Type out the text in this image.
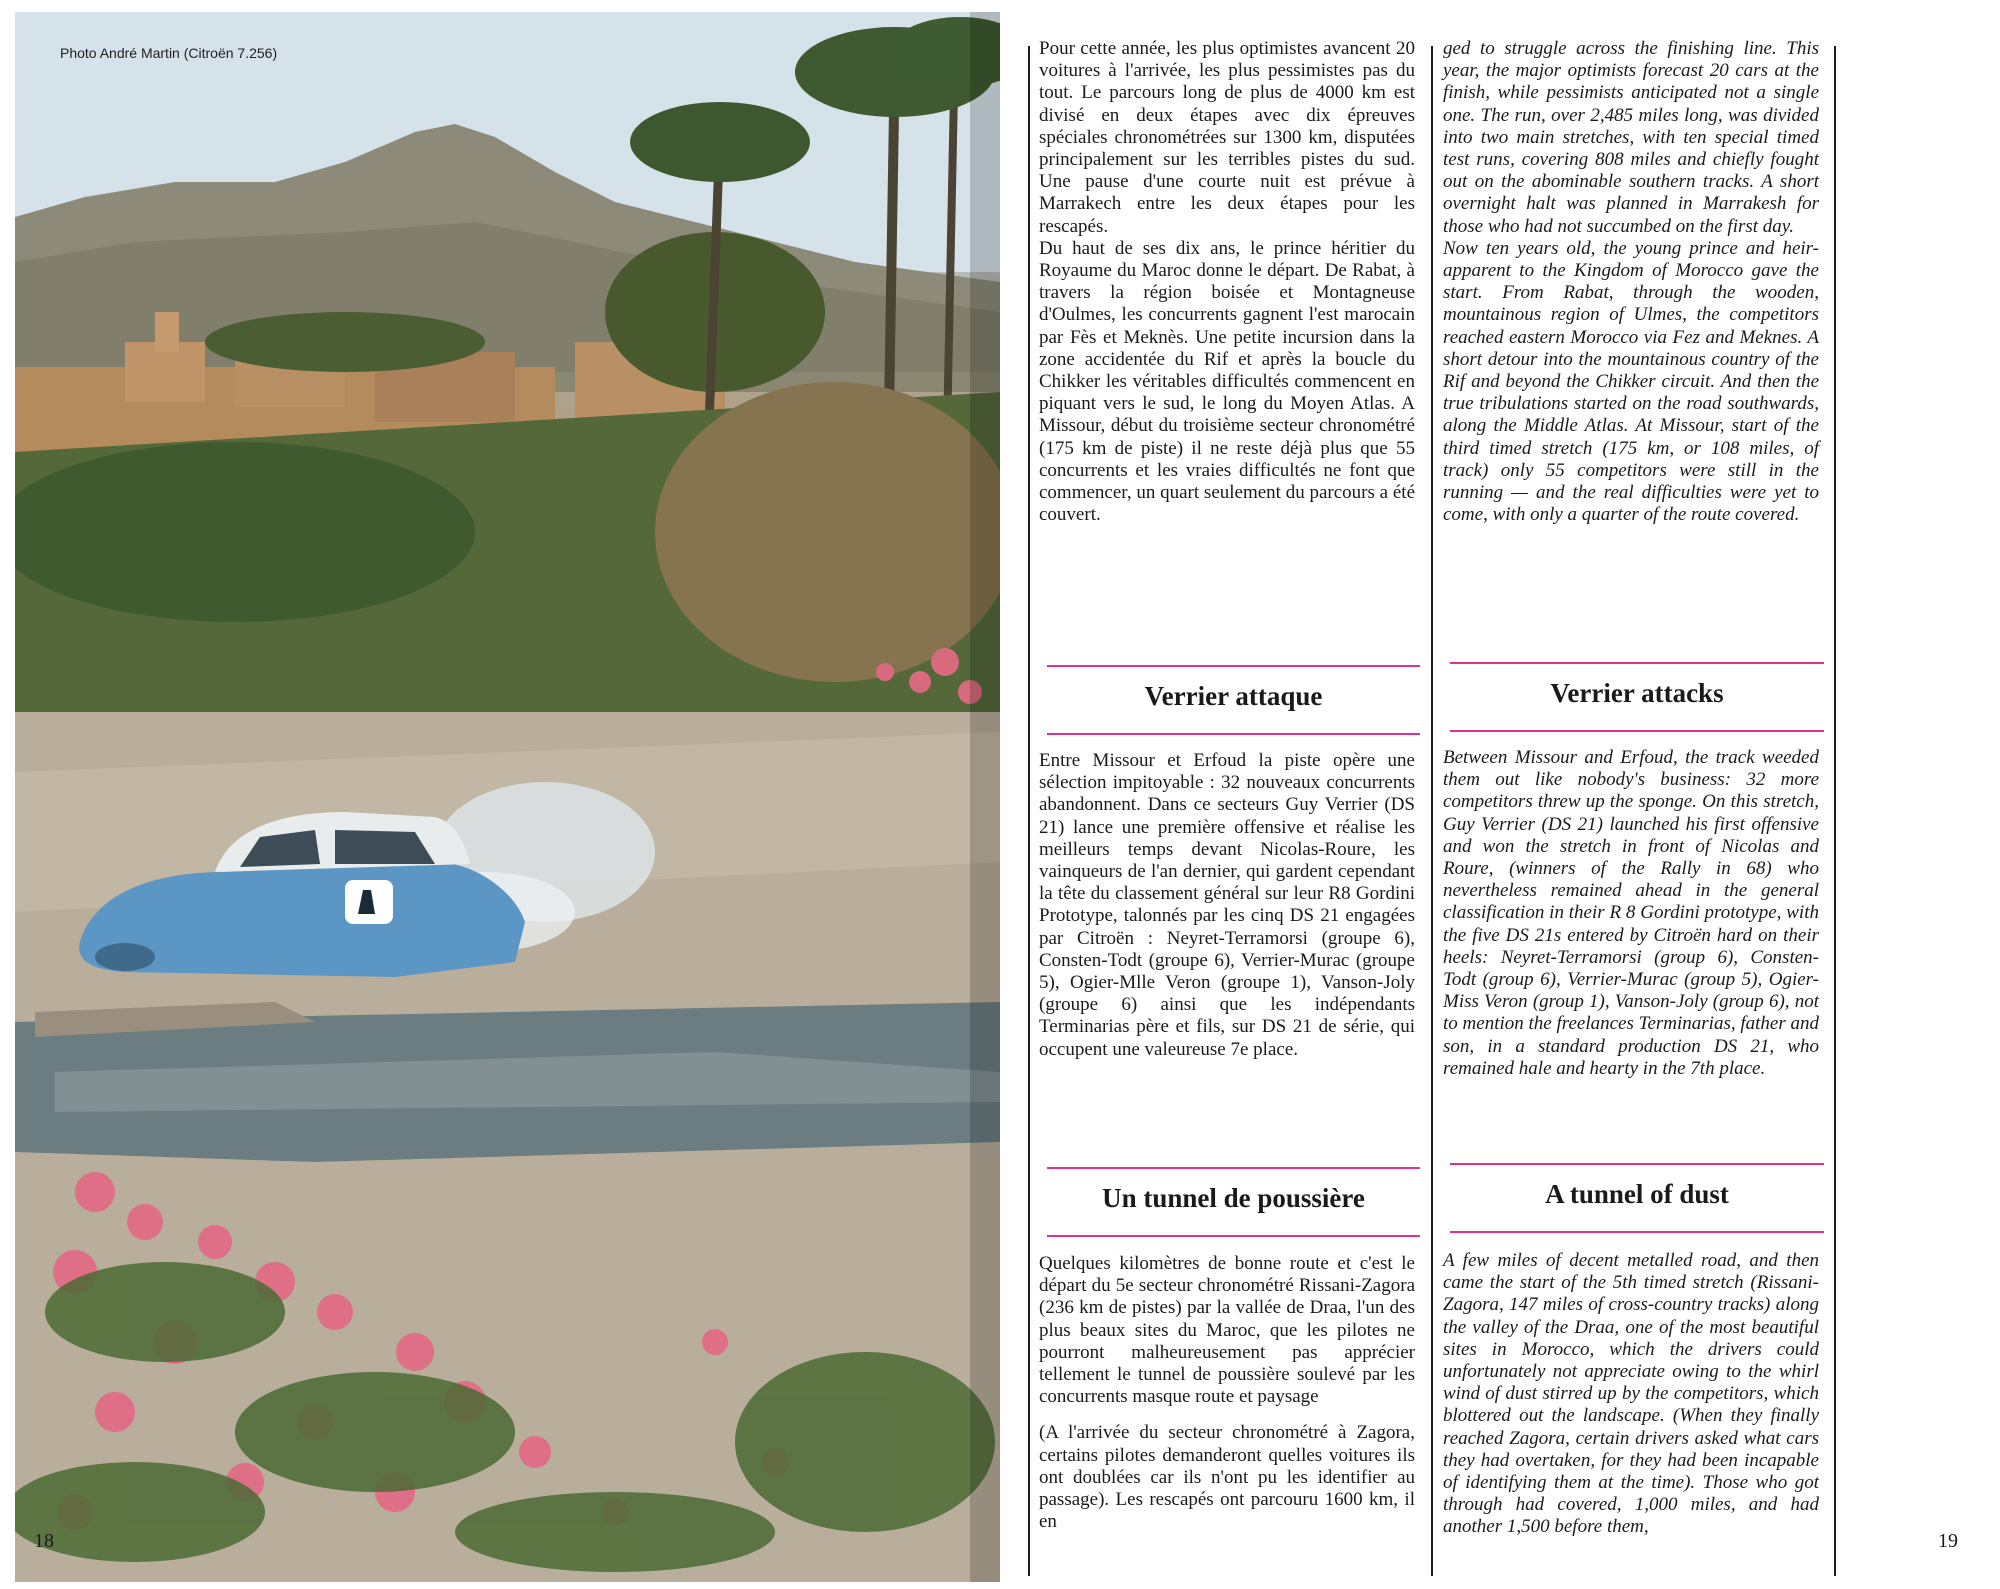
Photo André Martin (Citroën 7.256)
18

Pour cette année, les plus optimistes avancent 20 voitures à l'arrivée, les plus pessimistes pas du tout. Le parcours long de plus de 4000 km est divisé en deux étapes avec dix épreuves spéciales chronométrées sur 1300 km, disputées principalement sur les terribles pistes du sud. Une pause d'une courte nuit est prévue à Marrakech entre les deux étapes pour les rescapés.

Du haut de ses dix ans, le prince héritier du Royaume du Maroc donne le départ. De Rabat, à travers la région boisée et Montagneuse d'Oulmes, les concurrents gagnent l'est marocain par Fès et Meknès. Une petite incursion dans la zone accidentée du Rif et après la boucle du Chikker les véritables difficultés commencent en piquant vers le sud, le long du Moyen Atlas. A Missour, début du troisième secteur chronométré (175 km de piste) il ne reste déjà plus que 55 concurrents et les vraies difficultés ne font que commencer, un quart seulement du parcours a été couvert.

Verrier attaque

Entre Missour et Erfoud la piste opère une sélection impitoyable : 32 nouveaux concurrents abandonnent. Dans ce secteurs Guy Verrier (DS 21) lance une première offensive et réalise les meilleurs temps devant Nicolas-Roure, les vainqueurs de l'an dernier, qui gardent cependant la tête du classement général sur leur R8 Gordini Prototype, talonnés par les cinq DS 21 engagées par Citroën : Neyret-Terramorsi (groupe 6), Consten-Todt (groupe 6), Verrier-Murac (groupe 5), Ogier-Mlle Veron (groupe 1), Vanson-Joly (groupe 6) ainsi que les indépendants Terminarias père et fils, sur DS 21 de série, qui occupent une valeureuse 7e place.

Un tunnel de poussière

Quelques kilomètres de bonne route et c'est le départ du 5e secteur chronométré Rissani-Zagora (236 km de pistes) par la vallée de Draa, l'un des plus beaux sites du Maroc, que les pilotes ne pourront malheureusement pas apprécier tellement le tunnel de poussière soulevé par les concurrents masque route et paysage

(A l'arrivée du secteur chronométré à Zagora, certains pilotes demanderont quelles voitures ils ont doublées car ils n'ont pu les identifier au passage). Les rescapés ont parcouru 1600 km, il en

ged to struggle across the finishing line. This year, the major optimists forecast 20 cars at the finish, while pessimists anticipated not a single one. The run, over 2,485 miles long, was divided into two main stretches, with ten special timed test runs, covering 808 miles and chiefly fought out on the abominable southern tracks. A short overnight halt was planned in Marrakesh for those who had not succumbed on the first day.

Now ten years old, the young prince and heir-apparent to the Kingdom of Morocco gave the start. From Rabat, through the wooden, mountainous region of Ulmes, the competitors reached eastern Morocco via Fez and Meknes. A short detour into the mountainous country of the Rif and beyond the Chikker circuit. And then the true tribulations started on the road southwards, along the Middle Atlas. At Missour, start of the third timed stretch (175 km, or 108 miles, of track) only 55 competitors were still in the running — and the real difficulties were yet to come, with only a quarter of the route covered.

Verrier attacks

Between Missour and Erfoud, the track weeded them out like nobody's business: 32 more competitors threw up the sponge. On this stretch, Guy Verrier (DS 21) launched his first offensive and won the stretch in front of Nicolas and Roure, (winners of the Rally in 68) who nevertheless remained ahead in the general classification in their R 8 Gordini prototype, with the five DS 21s entered by Citroën hard on their heels: Neyret-Terramorsi (group 6), Consten-Todt (group 6), Verrier-Murac (group 5), Ogier-Miss Veron (group 1), Vanson-Joly (group 6), not to mention the freelances Terminarias, father and son, in a standard production DS 21, who remained hale and hearty in the 7th place.

A tunnel of dust

A few miles of decent metalled road, and then came the start of the 5th timed stretch (Rissani-Zagora, 147 miles of cross-country tracks) along the valley of the Draa, one of the most beautiful sites in Morocco, which the drivers could unfortunately not appreciate owing to the whirl wind of dust stirred up by the competitors, which blottered out the landscape. (When they finally reached Zagora, certain drivers asked what cars they had overtaken, for they had been incapable of identifying them at the time). Those who got through had covered, 1,000 miles, and had another 1,500 before them,

19
